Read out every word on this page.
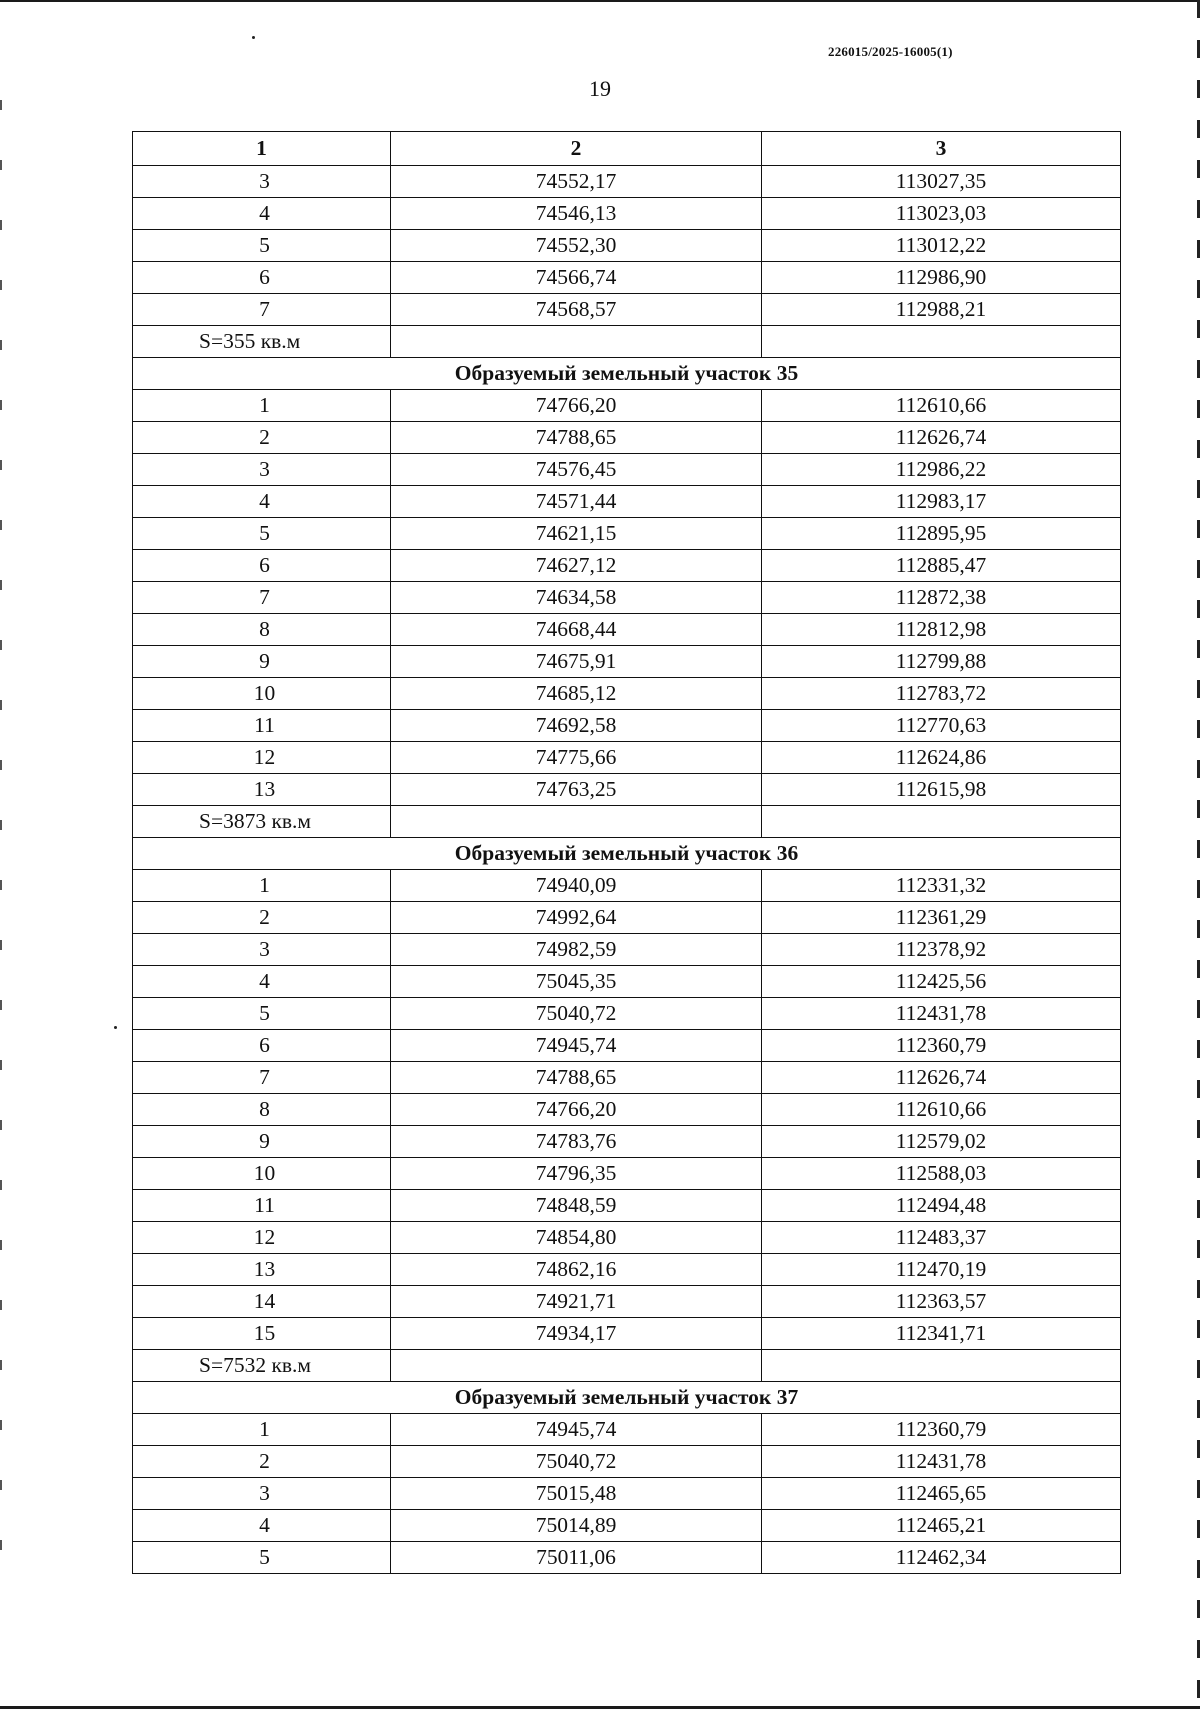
226015/2025-16005(1)
19
1	2	3
3	74552,17	113027,35
4	74546,13	113023,03
5	74552,30	113012,22
6	74566,74	112986,90
7	74568,57	112988,21
S=355 кв.м		
Образуемый земельный участок 35		
1	74766,20	112610,66
2	74788,65	112626,74
3	74576,45	112986,22
4	74571,44	112983,17
5	74621,15	112895,95
6	74627,12	112885,47
7	74634,58	112872,38
8	74668,44	112812,98
9	74675,91	112799,88
10	74685,12	112783,72
11	74692,58	112770,63
12	74775,66	112624,86
13	74763,25	112615,98
S=3873 кв.м		
Образуемый земельный участок 36		
1	74940,09	112331,32
2	74992,64	112361,29
3	74982,59	112378,92
4	75045,35	112425,56
5	75040,72	112431,78
6	74945,74	112360,79
7	74788,65	112626,74
8	74766,20	112610,66
9	74783,76	112579,02
10	74796,35	112588,03
11	74848,59	112494,48
12	74854,80	112483,37
13	74862,16	112470,19
14	74921,71	112363,57
15	74934,17	112341,71
S=7532 кв.м		
Образуемый земельный участок 37		
1	74945,74	112360,79
2	75040,72	112431,78
3	75015,48	112465,65
4	75014,89	112465,21
5	75011,06	112462,34
